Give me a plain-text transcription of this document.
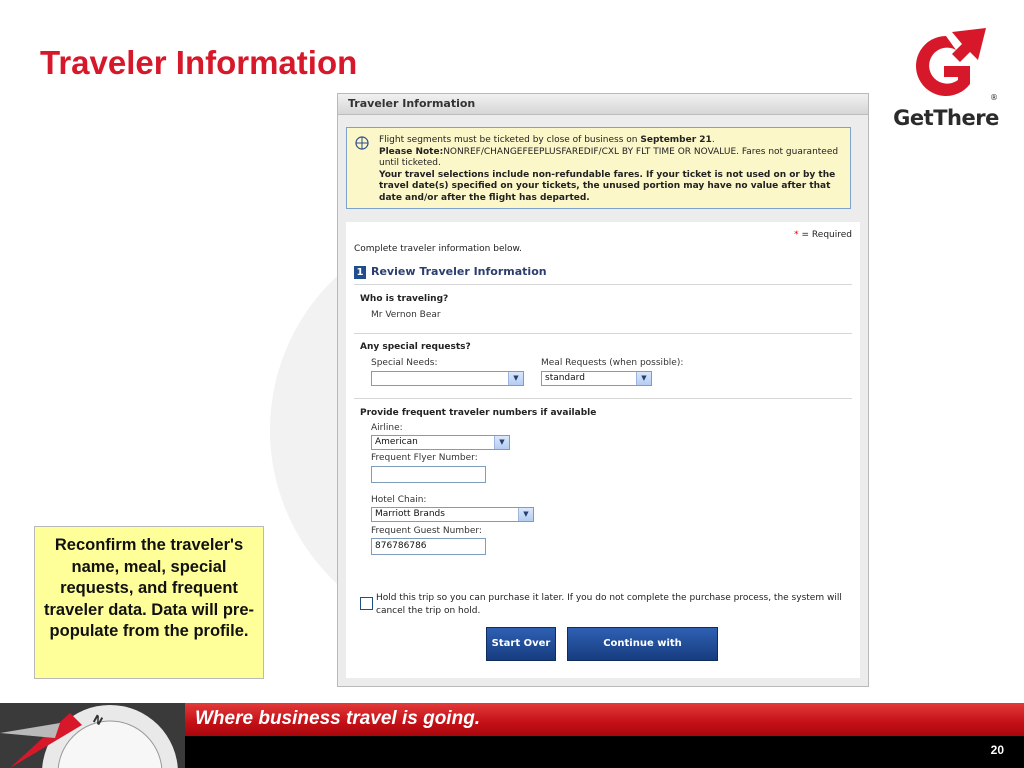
Traveler Information
®
GetThere
Traveler Information
Flight segments must be ticketed by close of business on September 21.
Please Note:NONREF/CHANGEFEEPLUSFAREDIF/CXL BY FLT TIME OR NOVALUE. Fares not guaranteed until ticketed.
Your travel selections include non-refundable fares. If your ticket is not used on or by the travel date(s) specified on your tickets, the unused portion may have no value after that date and/or after the flight has departed.
* = Required
Complete traveler information below.
1 Review Traveler Information
Who is traveling?
Mr Vernon Bear
Any special requests?
Special Needs:
▼
Meal Requests (when possible):
standard	▼
Provide frequent traveler numbers if available
Airline:
American	▼
Frequent Flyer Number:
Hotel Chain:
Marriott Brands	▼
Frequent Guest Number:
876786786
Hold this trip so you can purchase it later. If you do not complete the purchase process, the system will cancel the trip on hold.
Start Over	Continue with Reservation
Reconfirm the traveler's name, meal, special requests, and frequent traveler data. Data will pre-populate from the profile.
N	Where business travel is going.
20
